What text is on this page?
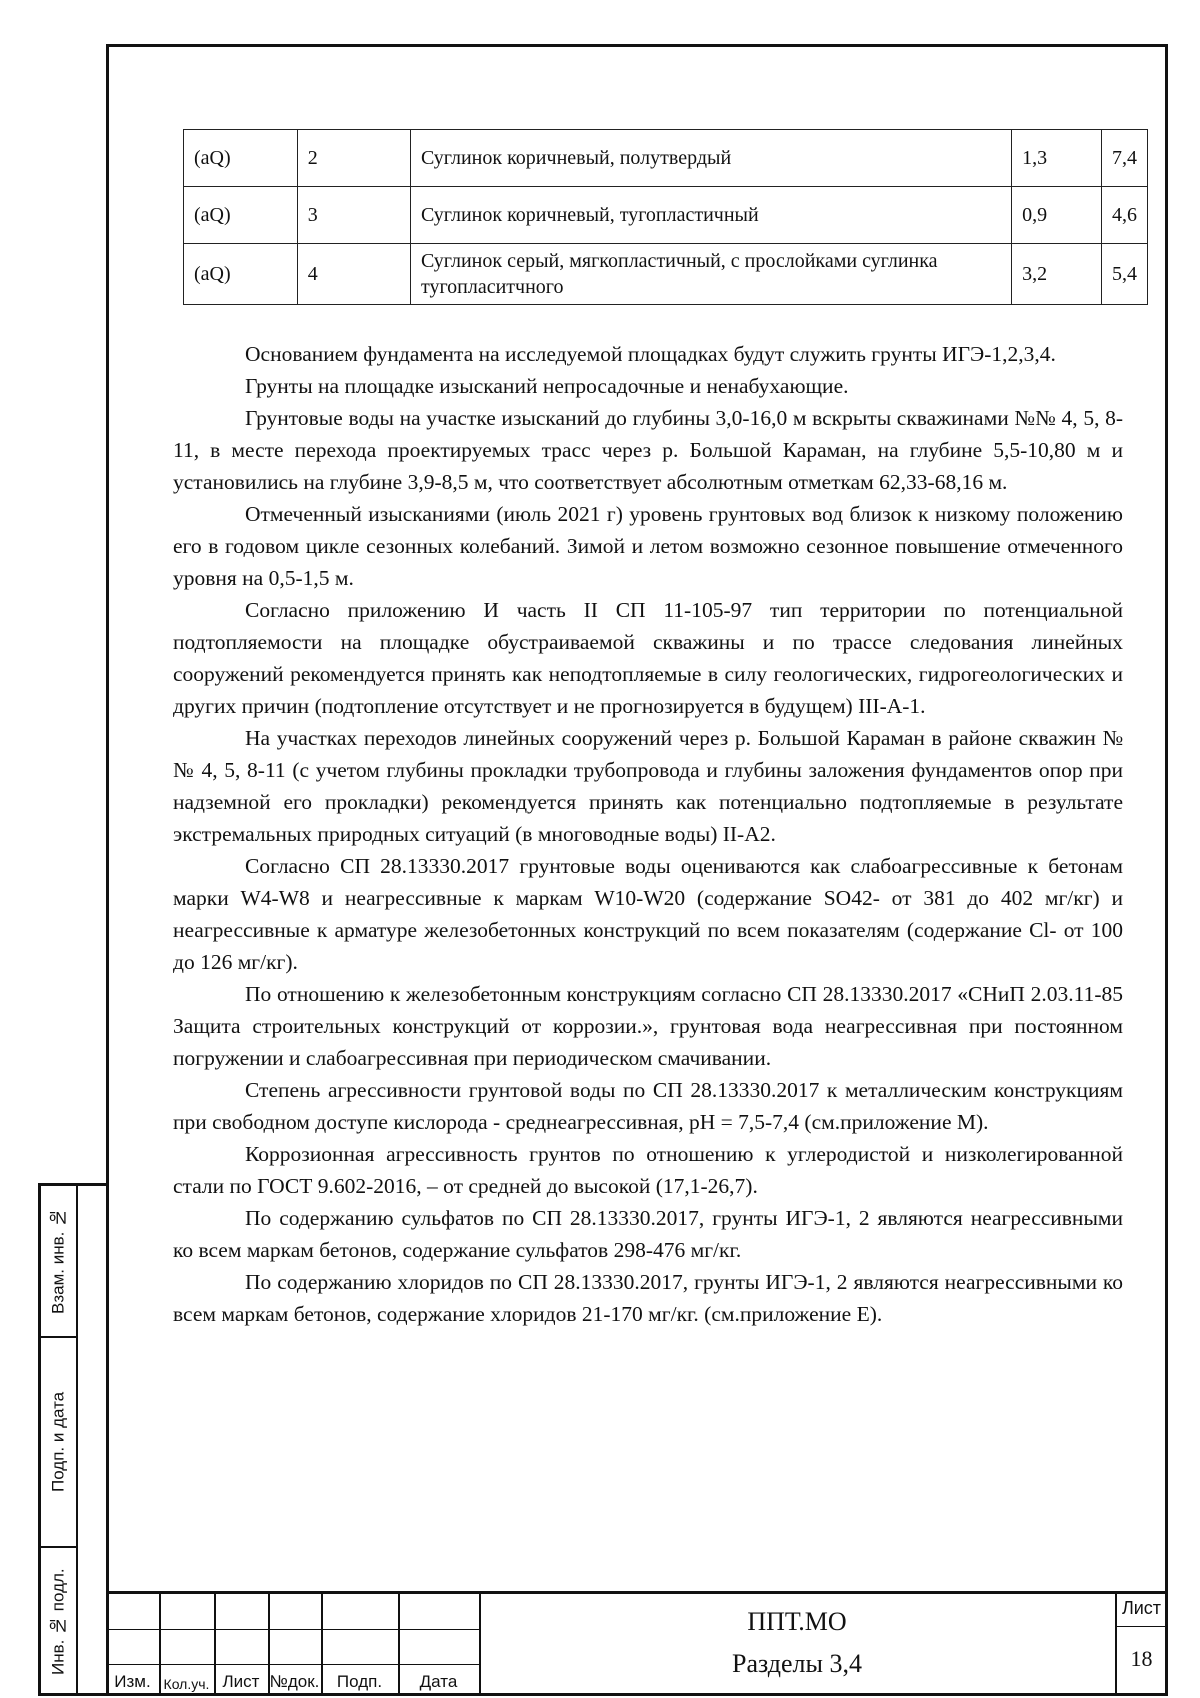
(aQ)	2	Суглинок коричневый, полутвердый	1,3	7,4
(aQ)	3	Суглинок коричневый, тугопластичный	0,9	4,6
(aQ)	4	Суглинок серый, мягкопластичный, с прослойками суглинка тугопласитчного	3,2	5,4

Основанием фундамента на исследуемой площадках будут служить грунты ИГЭ-1,2,3,4.

Грунты на площадке изысканий непросадочные и ненабухающие.

Грунтовые воды на участке изысканий до глубины 3,0-16,0 м вскрыты скважинами №№ 4, 5, 8-11, в месте перехода проектируемых трасс через р. Большой Караман, на глубине 5,5-10,80 м и установились на глубине 3,9-8,5 м, что соответствует абсолютным отметкам 62,33-68,16 м.

Отмеченный изысканиями (июль 2021 г) уровень грунтовых вод близок к низкому положению его в годовом цикле сезонных колебаний. Зимой и летом возможно сезонное повышение отмеченного уровня на 0,5-1,5 м.

Согласно приложению И часть II СП 11-105-97 тип территории по потенциальной подтопляемости на площадке обустраиваемой скважины и по трассе следования линейных сооружений рекомендуется принять как неподтопляемые в силу геологических, гидрогеологических и других причин (подтопление отсутствует и не прогнозируется в будущем) III-А-1.

На участках переходов линейных сооружений через р. Большой Караман в районе скважин №№ 4, 5, 8-11 (с учетом глубины прокладки трубопровода и глубины заложения фундаментов опор при надземной его прокладки) рекомендуется принять как потенциально подтопляемые в результате экстремальных природных ситуаций (в многоводные воды) II-А2.

Согласно СП 28.13330.2017 грунтовые воды оцениваются как слабоагрессивные к бетонам марки W4-W8 и неагрессивные к маркам W10-W20 (содержание SO42- от 381 до 402 мг/кг) и неагрессивные к арматуре железобетонных конструкций по всем показателям (содержание Cl- от 100 до 126 мг/кг).

По отношению к железобетонным конструкциям согласно СП 28.13330.2017 «СНиП 2.03.11-85 Защита строительных конструкций от коррозии.», грунтовая вода неагрессивная при постоянном погружении и слабоагрессивная при периодическом смачивании.

Степень агрессивности грунтовой воды по СП 28.13330.2017 к металлическим конструкциям при свободном доступе кислорода - среднеагрессивная, pH = 7,5-7,4 (см.приложение М).

Коррозионная агрессивность грунтов по отношению к углеродистой и низколегированной стали по ГОСТ 9.602-2016, – от средней до высокой (17,1-26,7).

По содержанию сульфатов по СП 28.13330.2017, грунты ИГЭ-1, 2 являются неагрессивными ко всем маркам бетонов, содержание сульфатов 298-476 мг/кг.

По содержанию хлоридов по СП 28.13330.2017, грунты ИГЭ-1, 2 являются неагрессивными ко всем маркам бетонов, содержание хлоридов 21-170 мг/кг. (см.приложение Е).

Взам. инв. №
Подп. и дата
Инв. № подл.
Изм. Кол.уч. Лист №док.	Подп.	Дата
ППТ.МО
Разделы 3,4
Лист
18
